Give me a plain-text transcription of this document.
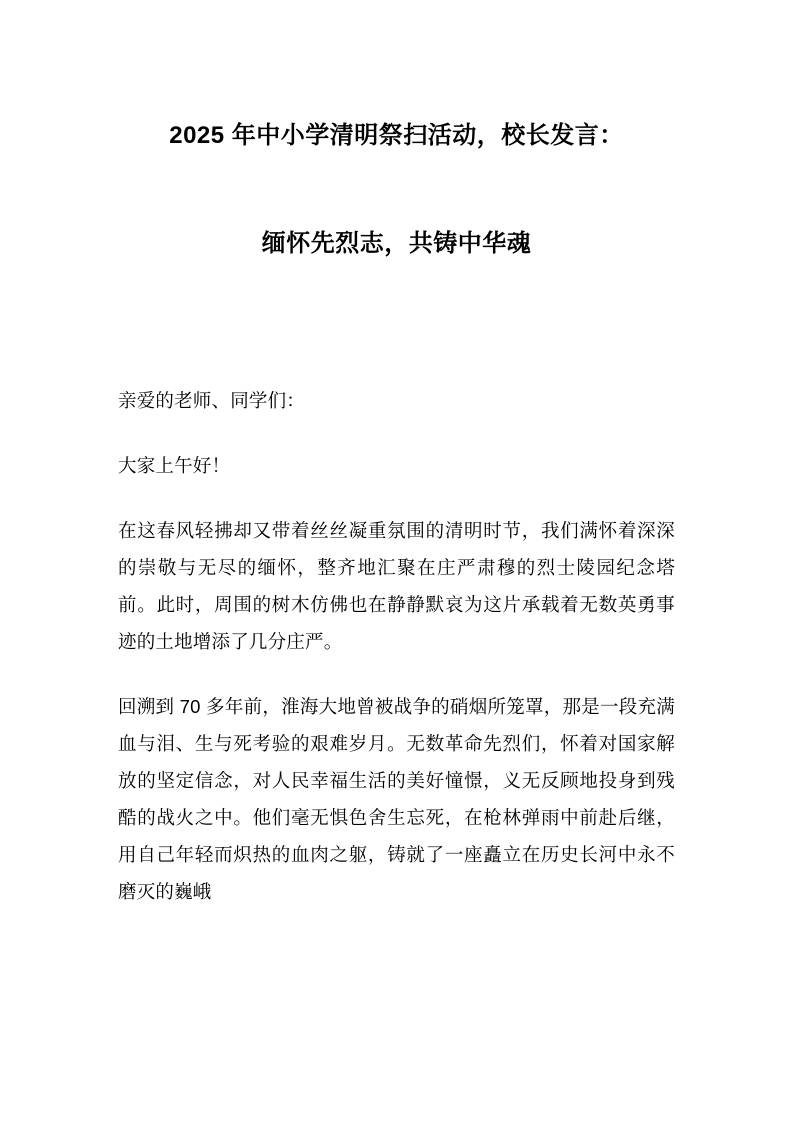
2025 年中小学清明祭扫活动，校长发言：
缅怀先烈志，共铸中华魂

亲爱的老师、同学们：

大家上午好！

在这春风轻拂却又带着丝丝凝重氛围的清明时节，我们满怀着深深的崇敬与无尽的缅怀，整齐地汇聚在庄严肃穆的烈士陵园纪念塔前。此时，周围的树木仿佛也在静静默哀为这片承载着无数英勇事迹的土地增添了几分庄严。

回溯到 70 多年前，淮海大地曾被战争的硝烟所笼罩，那是一段充满血与泪、生与死考验的艰难岁月。无数革命先烈们，怀着对国家解放的坚定信念，对人民幸福生活的美好憧憬，义无反顾地投身到残酷的战火之中。他们毫无惧色舍生忘死，在枪林弹雨中前赴后继，用自己年轻而炽热的血肉之躯，铸就了一座矗立在历史长河中永不磨灭的巍峨
